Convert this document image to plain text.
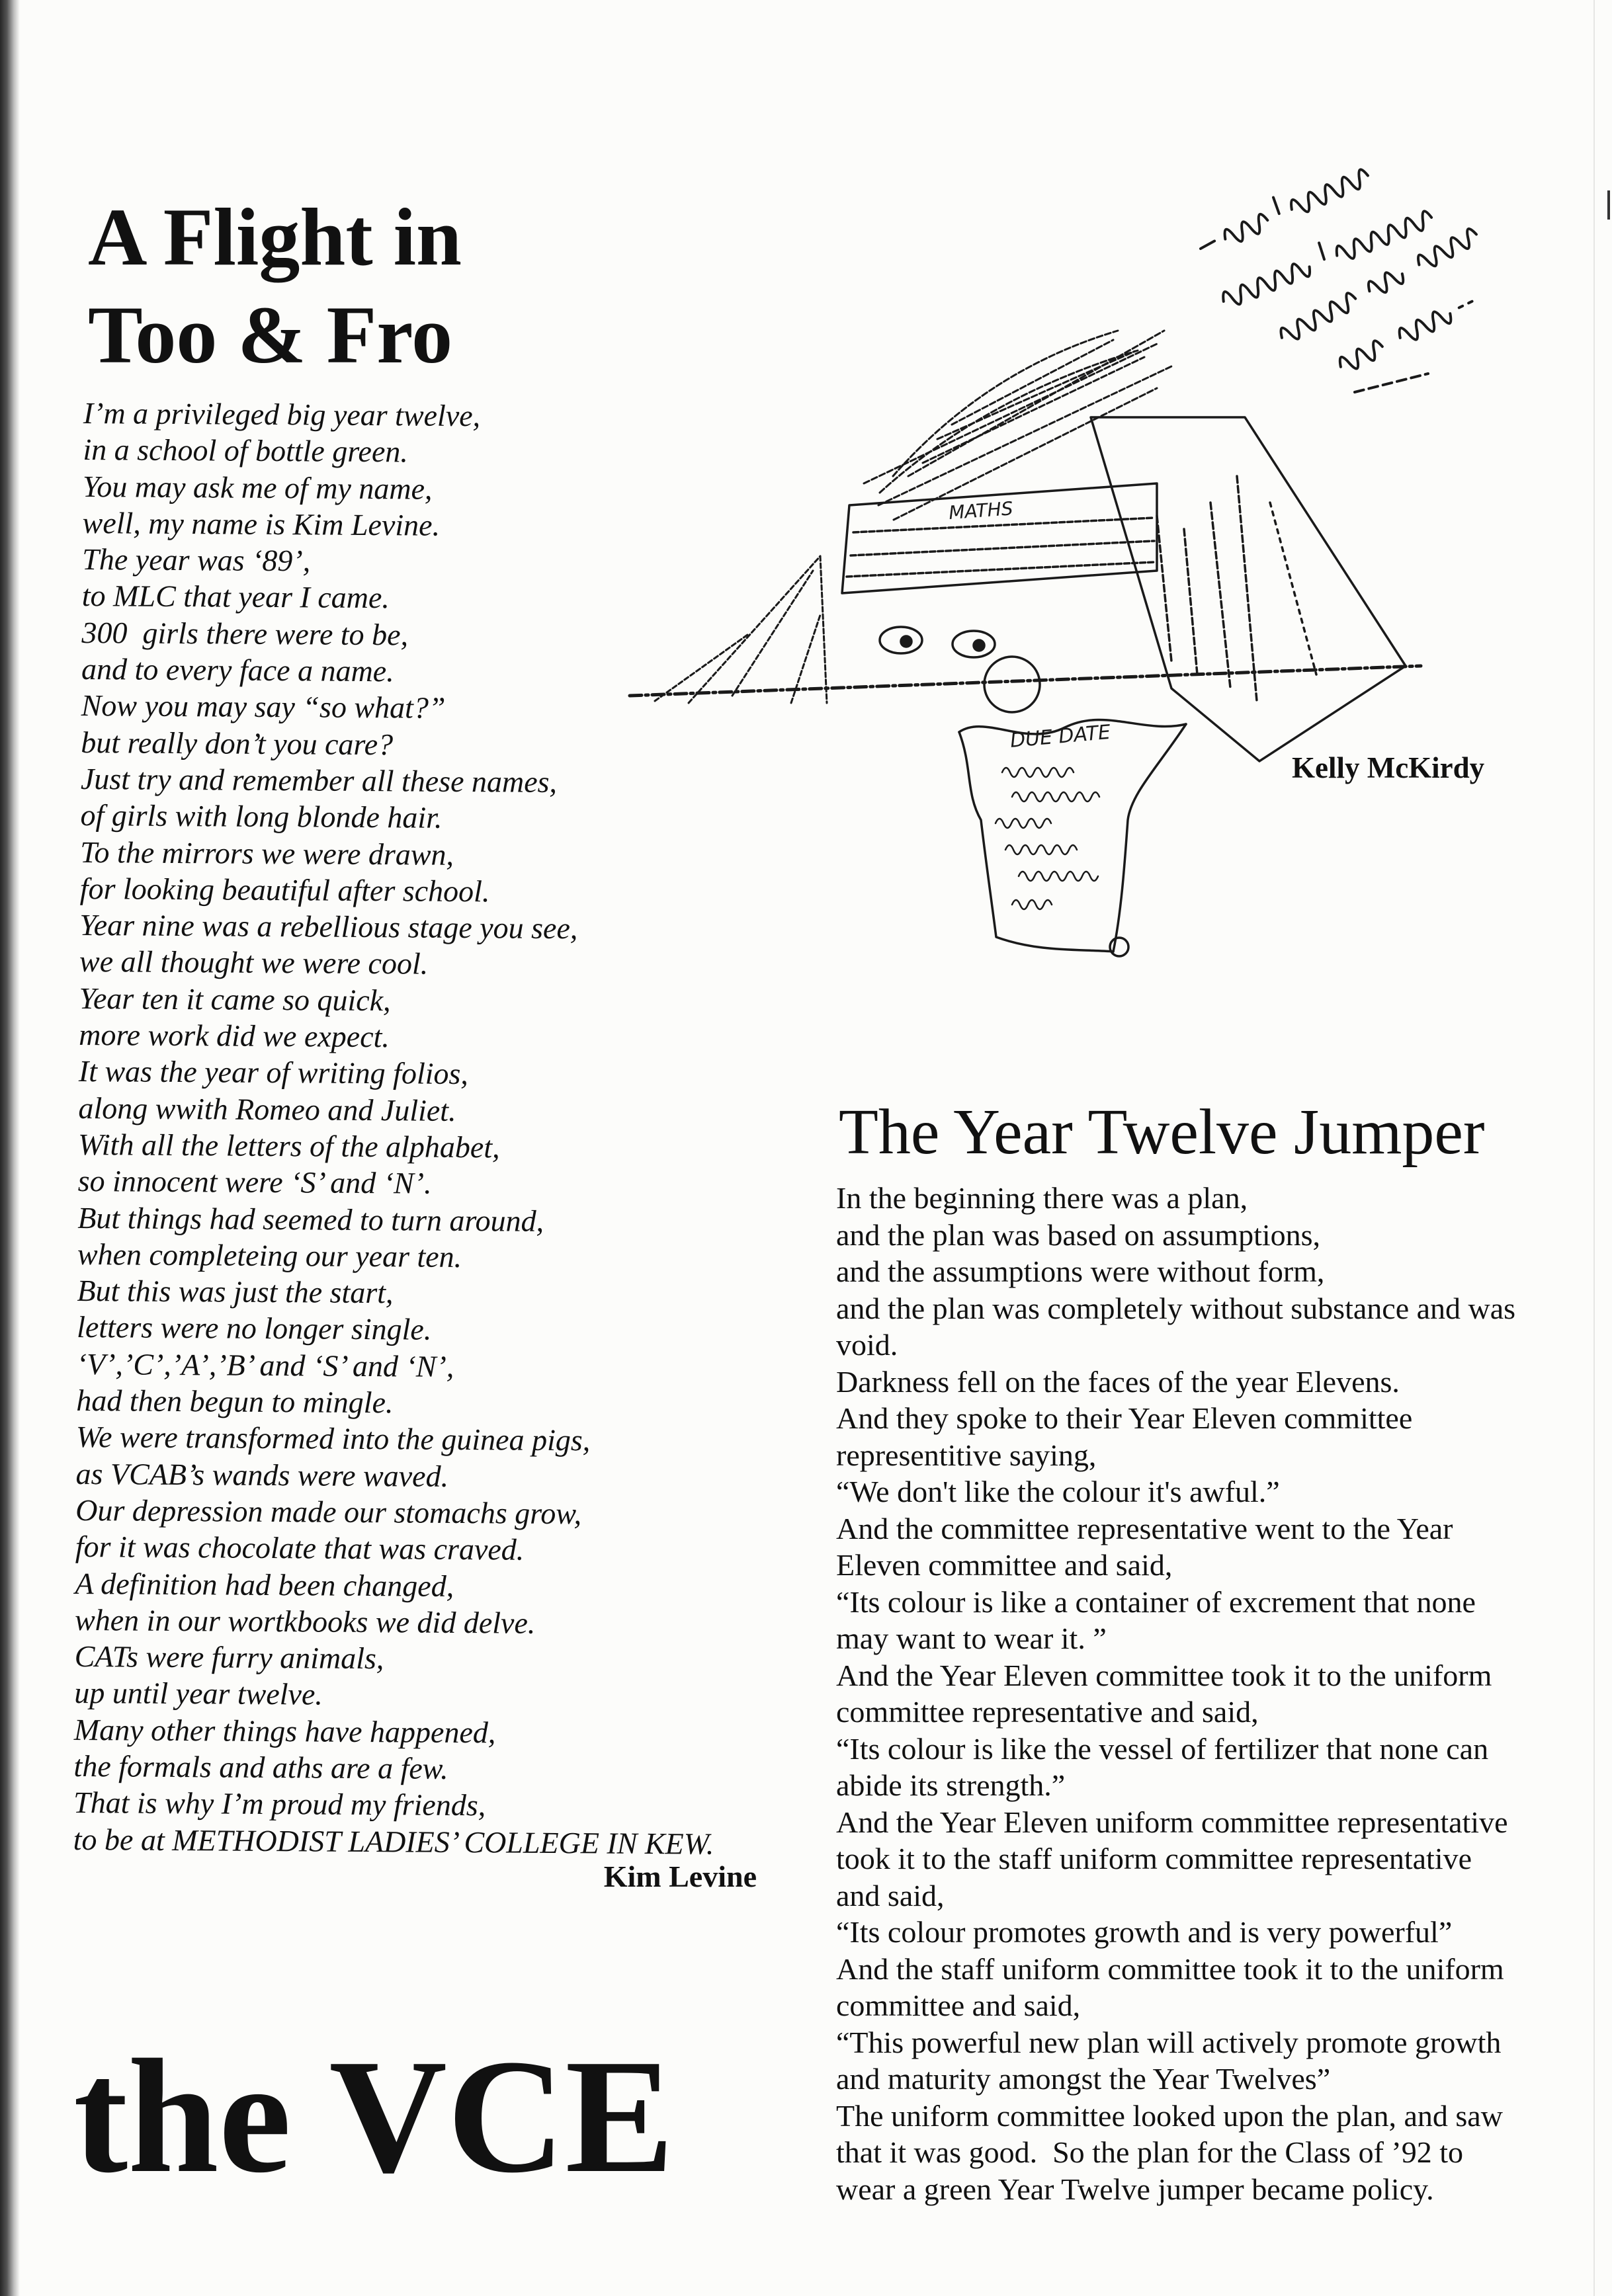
A Flight in
Too & Fro
I’m a privileged big year twelve,
in a school of bottle green.
You may ask me of my name,
well, my name is Kim Levine.
The year was ‘89’,
to MLC that year I came.
300  girls there were to be,
and to every face a name.
Now you may say “so what?”
but really don’t you care?
Just try and remember all these names,
of girls with long blonde hair.
To the mirrors we were drawn,
for looking beautiful after school.
Year nine was a rebellious stage you see,
we all thought we were cool.
Year ten it came so quick,
more work did we expect.
It was the year of writing folios,
along wwith Romeo and Juliet.
With all the letters of the alphabet,
so innocent were ‘S’ and ‘N’.
But things had seemed to turn around,
when completeing our year ten.
But this was just the start,
letters were no longer single.
‘V’,’C’,’A’,’B’ and ‘S’ and ‘N’,
had then begun to mingle.
We were transformed into the guinea pigs,
as VCAB’s wands were waved.
Our depression made our stomachs grow,
for it was chocolate that was craved.
A definition had been changed,
when in our wortkbooks we did delve.
CATs were furry animals,
up until year twelve.
Many other things have happened,
the formals and aths are a few.
That is why I’m proud my friends,
to be at METHODIST LADIES’ COLLEGE IN KEW.
Kim Levine
the VCE
MATHS
DUE DATE
Kelly McKirdy
The Year Twelve Jumper
In the beginning there was a plan,
and the plan was based on assumptions,
and the assumptions were without form,
and the plan was completely without substance and was
void.
Darkness fell on the faces of the year Elevens.
And they spoke to their Year Eleven committee
representitive saying,
“We don't like the colour it's awful.”
And the committee representative went to the Year
Eleven committee and said,
“Its colour is like a container of excrement that none
may want to wear it. ”
And the Year Eleven committee took it to the uniform
committee representative and said,
“Its colour is like the vessel of fertilizer that none can
abide its strength.”
And the Year Eleven uniform committee representative
took it to the staff uniform committee representative
and said,
“Its colour promotes growth and is very powerful”
And the staff uniform committee took it to the uniform
committee and said,
“This powerful new plan will actively promote growth
and maturity amongst the Year Twelves”
The uniform committee looked upon the plan, and saw
that it was good.  So the plan for the Class of ’92 to
wear a green Year Twelve jumper became policy.
